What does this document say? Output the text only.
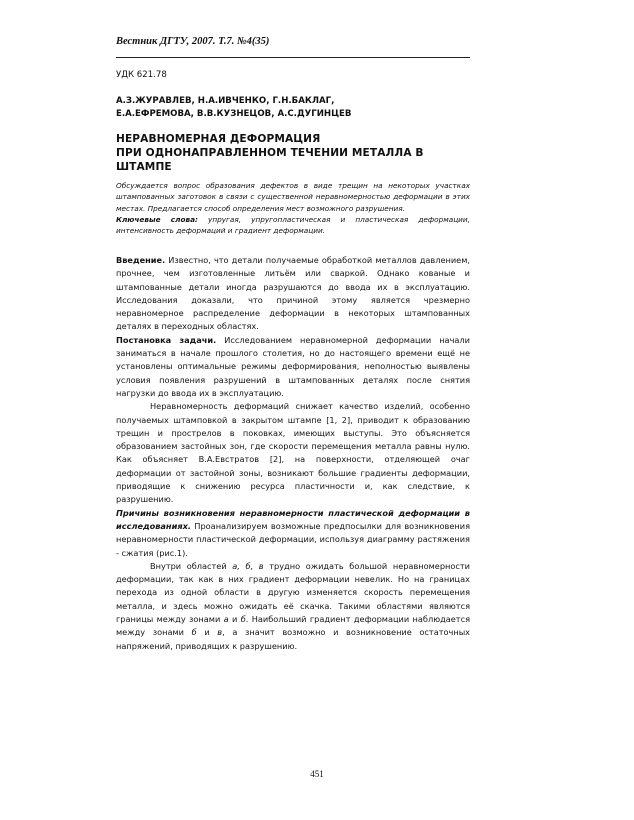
Вестник ДГТУ, 2007. Т.7. №4(35)
УДК 621.78
А.З.ЖУРАВЛЕВ, Н.А.ИВЧЕНКО, Г.Н.БАКЛАГ,
Е.А.ЕФРЕМОВА, В.В.КУЗНЕЦОВ, А.С.ДУГИНЦЕВ
НЕРАВНОМЕРНАЯ ДЕФОРМАЦИЯ
ПРИ ОДНОНАПРАВЛЕННОМ ТЕЧЕНИИ МЕТАЛЛА В ШТАМПЕ

Обсуждается вопрос образования дефектов в виде трещин на некоторых участках штампованных заготовок в связи с существенной неравномерностью деформации в этих местах. Предлагается способ определения мест возможного разрушения.

Ключевые слова: упругая, упругопластическая и пластическая деформации, интенсивность деформаций и градиент деформации.

Введение. Известно, что детали получаемые обработкой металлов давлением, прочнее, чем изготовленные литьём или сваркой. Однако кованые и штампованные детали иногда разрушаются до ввода их в эксплуатацию. Исследования доказали, что причиной этому является чрезмерно неравномерное распределение деформации в некоторых штампованных деталях в переходных областях.

Постановка задачи. Исследованием неравномерной деформации начали заниматься в начале прошлого столетия, но до настоящего времени ещё не установлены оптимальные режимы деформирования, неполностью выявлены условия появления разрушений в штампованных деталях после снятия нагрузки до ввода их в эксплуатацию.

Неравномерность деформаций снижает качество изделий, особенно получаемых штамповкой в закрытом штампе [1, 2], приводит к образованию трещин и прострелов в поковках, имеющих выступы. Это объясняется образованием застойных зон, где скорости перемещения металла равны нулю. Как объясняет В.А.Евстратов [2], на поверхности, отделяющей очаг деформации от застойной зоны, возникают большие градиенты деформации, приводящие к снижению ресурса пластичности и, как следствие, к разрушению.

Причины возникновения неравномерности пластической деформации в исследованиях. Проанализируем возможные предпосылки для возникновения неравномерности пластической деформации, используя диаграмму растяжения - сжатия (рис.1).

Внутри областей а, б, в трудно ожидать большой неравномерности деформации, так как в них градиент деформации невелик. Но на границах перехода из одной области в другую изменяется скорость перемещения металла, и здесь можно ожидать её скачка. Такими областями являются границы между зонами а и б. Наибольший градиент деформации наблюдается между зонами б и в, а значит возможно и возникновение остаточных напряжений, приводящих к разрушению.

451
